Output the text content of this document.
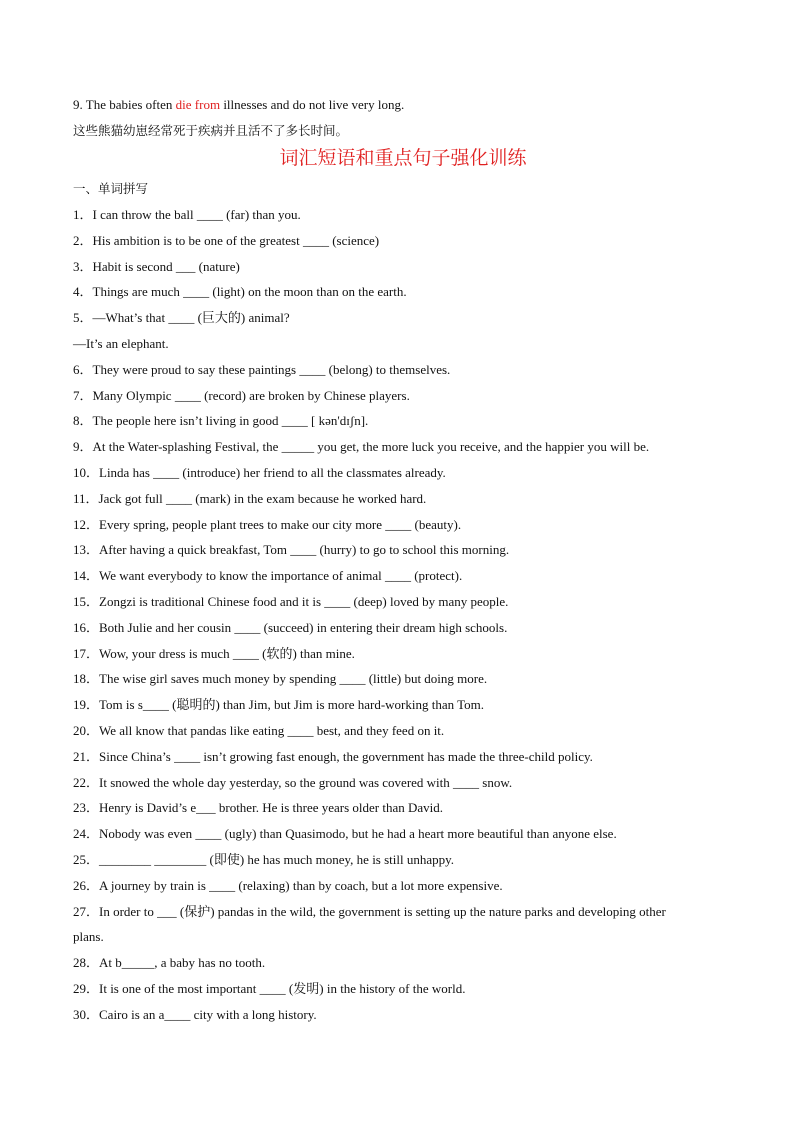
9. The babies often die from illnesses and do not live very long.
这些熊猫幼崽经常死于疾病并且活不了多长时间。
词汇短语和重点句子强化训练
一、单词拼写
1．I can throw the ball ____ (far) than you.
2．His ambition is to be one of the greatest ____ (science)
3．Habit is second ___ (nature)
4．Things are much ____ (light) on the moon than on the earth.
5．—What’s that ____ (巨大的) animal?
—It’s an elephant.
6．They were proud to say these paintings ____ (belong) to themselves.
7．Many Olympic ____ (record) are broken by Chinese players.
8．The people here isn’t living in good ____ [ kən'dɪʃn].
9．At the Water-splashing Festival, the _____ you get, the more luck you receive, and the happier you will be.
10．Linda has ____ (introduce) her friend to all the classmates already.
11．Jack got full ____ (mark) in the exam because he worked hard.
12．Every spring, people plant trees to make our city more ____ (beauty).
13．After having a quick breakfast, Tom ____ (hurry) to go to school this morning.
14．We want everybody to know the importance of animal ____ (protect).
15．Zongzi is traditional Chinese food and it is ____ (deep) loved by many people.
16．Both Julie and her cousin ____ (succeed) in entering their dream high schools.
17．Wow, your dress is much ____ (软的) than mine.
18．The wise girl saves much money by spending ____ (little) but doing more.
19．Tom is s____ (聪明的) than Jim, but Jim is more hard-working than Tom.
20．We all know that pandas like eating ____ best, and they feed on it.
21．Since China’s ____ isn’t growing fast enough, the government has made the three-child policy.
22．It snowed the whole day yesterday, so the ground was covered with ____ snow.
23．Henry is David’s e___ brother. He is three years older than David.
24．Nobody was even ____ (ugly) than Quasimodo, but he had a heart more beautiful than anyone else.
25．________ ________ (即使) he has much money, he is still unhappy.
26．A journey by train is ____ (relaxing) than by coach, but a lot more expensive.
27．In order to ___ (保护) pandas in the wild, the government is setting up the nature parks and developing other
plans.
28．At b_____, a baby has no tooth.
29．It is one of the most important ____ (发明) in the history of the world.
30．Cairo is an a____ city with a long history.
